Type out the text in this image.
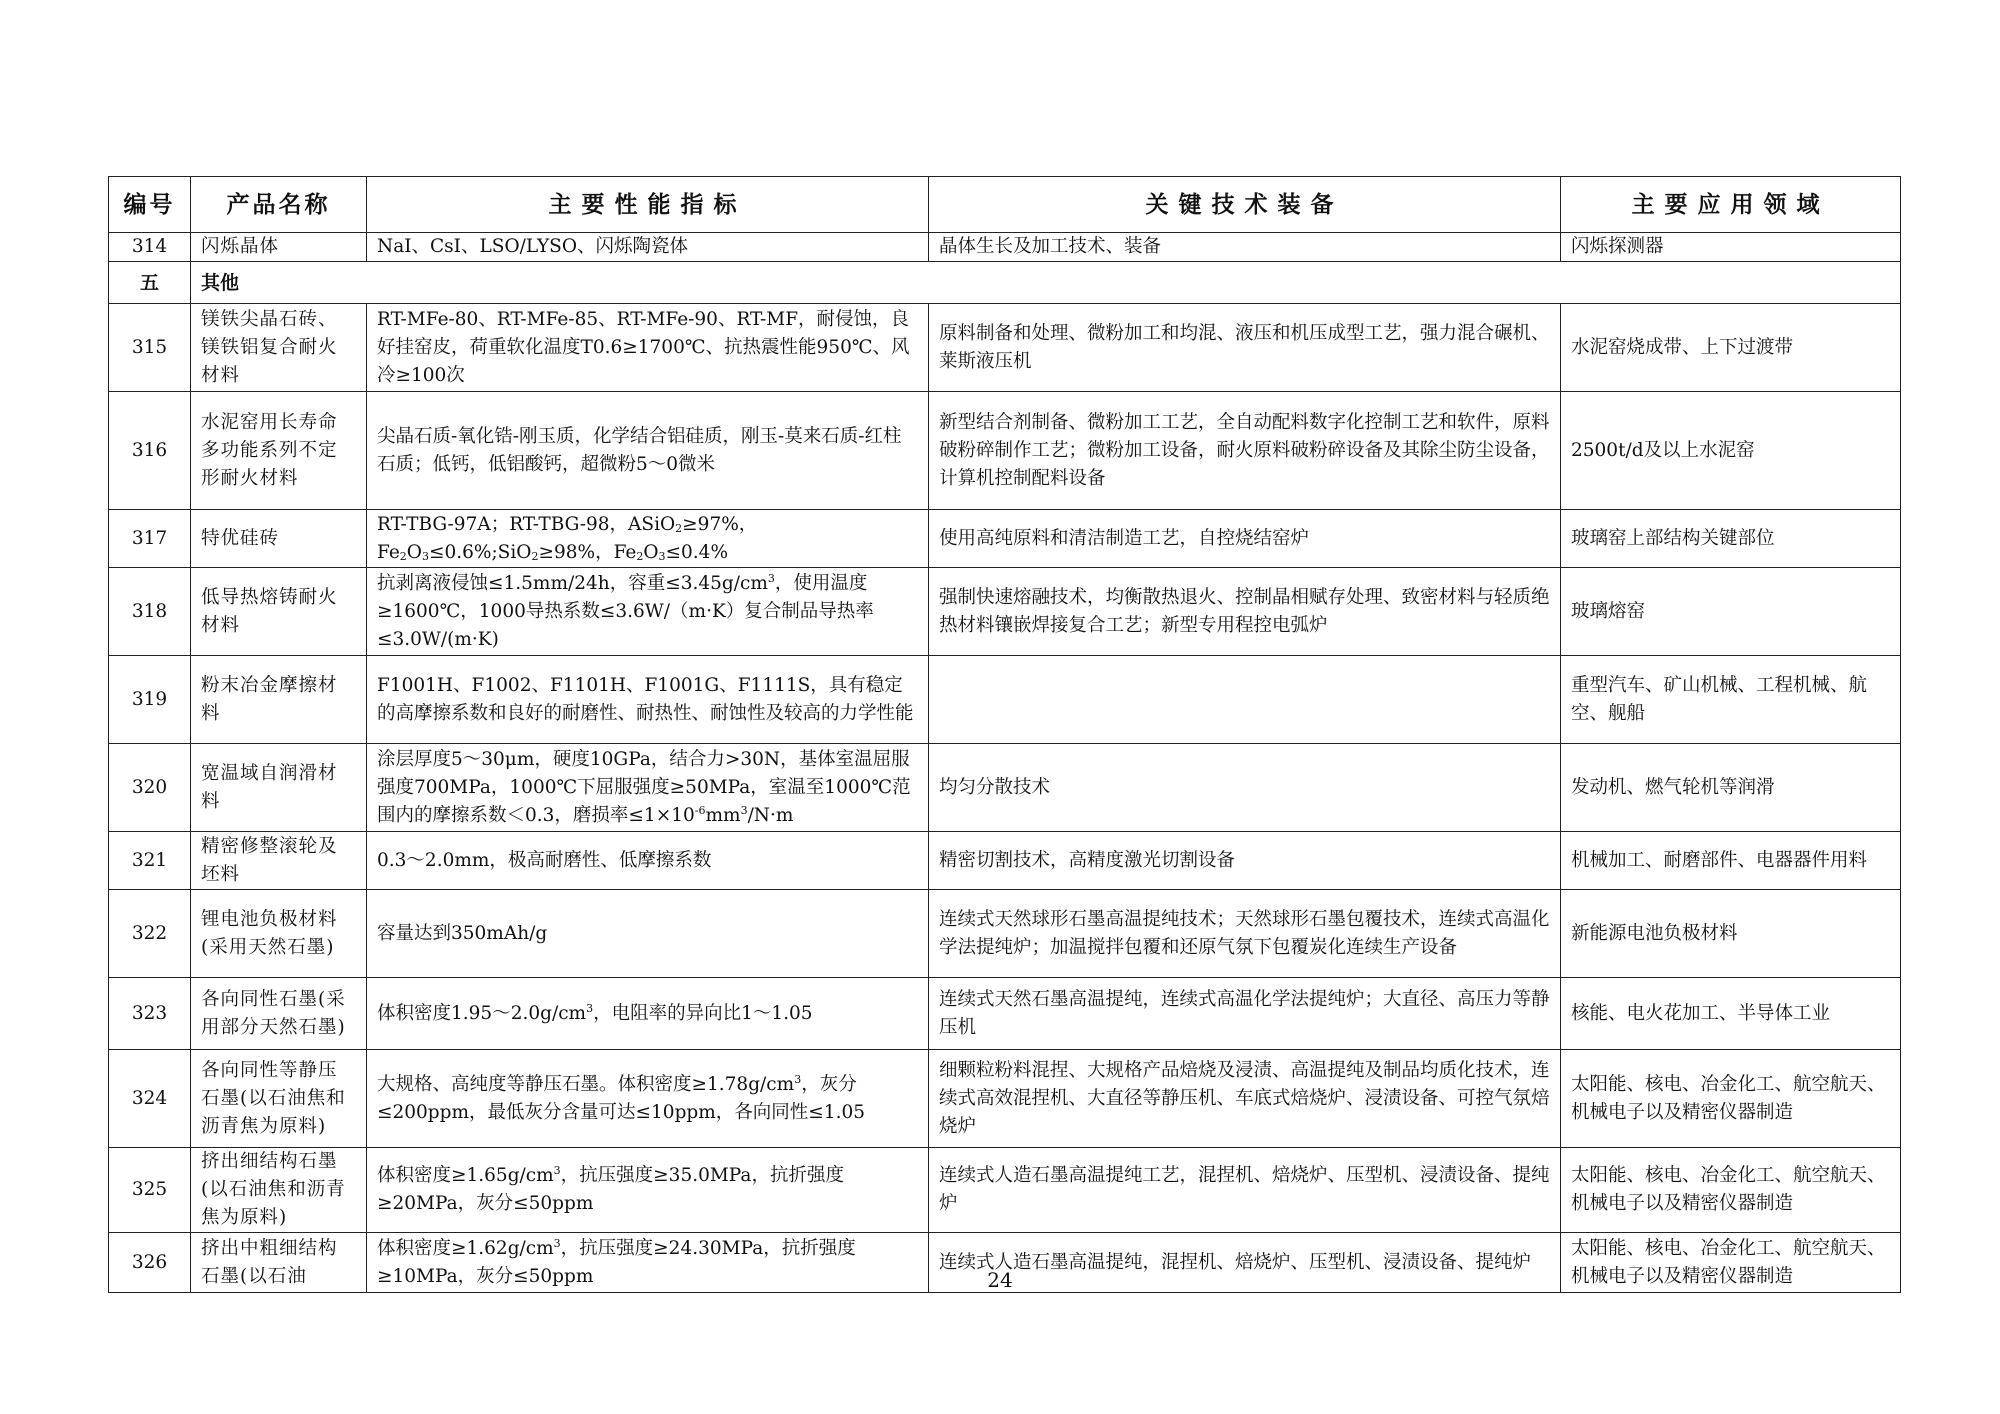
编号	产品名称	主要性能指标	关键技术装备	主要应用领域
314	闪烁晶体	NaI、CsI、LSO/LYSO、闪烁陶瓷体	晶体生长及加工技术、装备	闪烁探测器
五	其他			
315	镁铁尖晶石砖、镁铁铝复合耐火材料	RT-MFe-80、RT-MFe-85、RT-MFe-90、RT-MF，耐侵蚀，良好挂窑皮，荷重软化温度T0.6≥1700℃、抗热震性能950℃、风冷≥100次	原料制备和处理、微粉加工和均混、液压和机压成型工艺，强力混合碾机、莱斯液压机	水泥窑烧成带、上下过渡带
316	水泥窑用长寿命多功能系列不定形耐火材料	尖晶石质-氧化锆-刚玉质，化学结合铝硅质，刚玉-莫来石质-红柱石质；低钙，低铝酸钙，超微粉5～0微米	新型结合剂制备、微粉加工工艺，全自动配料数字化控制工艺和软件，原料破粉碎制作工艺；微粉加工设备，耐火原料破粉碎设备及其除尘防尘设备，计算机控制配料设备	2500t/d及以上水泥窑
317	特优硅砖	RT-TBG-97A；RT-TBG-98，ASiO$_2$≥97%，$Fe_2O_3\le 0.6\%;SiO_2\ge 98\%$，$Fe_2O_3\le 0.4\%$	使用高纯原料和清洁制造工艺，自控烧结窑炉	玻璃窑上部结构关键部位
318	低导热熔铸耐火材料	抗剥离液侵蚀≤1.5mm/24h，容重$\le 3.45g/cm^3$，使用温度≥1600℃，1000导热系数≤3.6W/（m·K）复合制品导热率≤3.0W/(m·K)	强制快速熔融技术，均衡散热退火、控制晶相赋存处理、致密材料与轻质绝热材料镶嵌焊接复合工艺；新型专用程控电弧炉	玻璃熔窑
319	粉末冶金摩擦材料	F1001H、F1002、F1101H、F1001G、F1111S，具有稳定的高摩擦系数和良好的耐磨性、耐热性、耐蚀性及较高的力学性能		重型汽车、矿山机械、工程机械、航空、舰船
320	宽温域自润滑材料	涂层厚度5～30μm，硬度10GPa，结合力>30N，基体室温屈服强度700MPa，1000℃下屈服强度≥50MPa，室温至1000℃范围内的摩擦系数＜0.3，磨损率$\le 1\times 10^{-6}mm^3/N\cdot m$	均匀分散技术	发动机、燃气轮机等润滑
321	精密修整滚轮及坯料	0.3～2.0mm，极高耐磨性、低摩擦系数	精密切割技术，高精度激光切割设备	机械加工、耐磨部件、电器器件用料
322	锂电池负极材料(采用天然石墨)	容量达到350mAh/g	连续式天然球形石墨高温提纯技术；天然球形石墨包覆技术，连续式高温化学法提纯炉；加温搅拌包覆和还原气氛下包覆炭化连续生产设备	新能源电池负极材料
323	各向同性石墨(采用部分天然石墨)	体积密度$1.95\sim 2.0g/cm^3$，电阻率的异向比1～1.05	连续式天然石墨高温提纯，连续式高温化学法提纯炉；大直径、高压力等静压机	核能、电火花加工、半导体工业
324	各向同性等静压石墨(以石油焦和沥青焦为原料)	大规格、高纯度等静压石墨。体积密度$\ge 1.78g/cm^3$，灰分≤200ppm，最低灰分含量可达≤10ppm，各向同性≤1.05	细颗粒粉料混捏、大规格产品焙烧及浸渍、高温提纯及制品均质化技术，连续式高效混捏机、大直径等静压机、车底式焙烧炉、浸渍设备、可控气氛焙烧炉	太阳能、核电、冶金化工、航空航天、机械电子以及精密仪器制造
325	挤出细结构石墨(以石油焦和沥青焦为原料)	体积密度$\ge 1.65g/cm^3$，抗压强度≥35.0MPa，抗折强度≥20MPa，灰分≤50ppm	连续式人造石墨高温提纯工艺，混捏机、焙烧炉、压型机、浸渍设备、提纯炉	太阳能、核电、冶金化工、航空航天、机械电子以及精密仪器制造
326	挤出中粗细结构石墨(以石油	体积密度$\ge 1.62g/cm^3$，抗压强度≥24.30MPa，抗折强度≥10MPa，灰分≤50ppm	连续式人造石墨高温提纯，混捏机、焙烧炉、压型机、浸渍设备、提纯炉	太阳能、核电、冶金化工、航空航天、机械电子以及精密仪器制造
24
